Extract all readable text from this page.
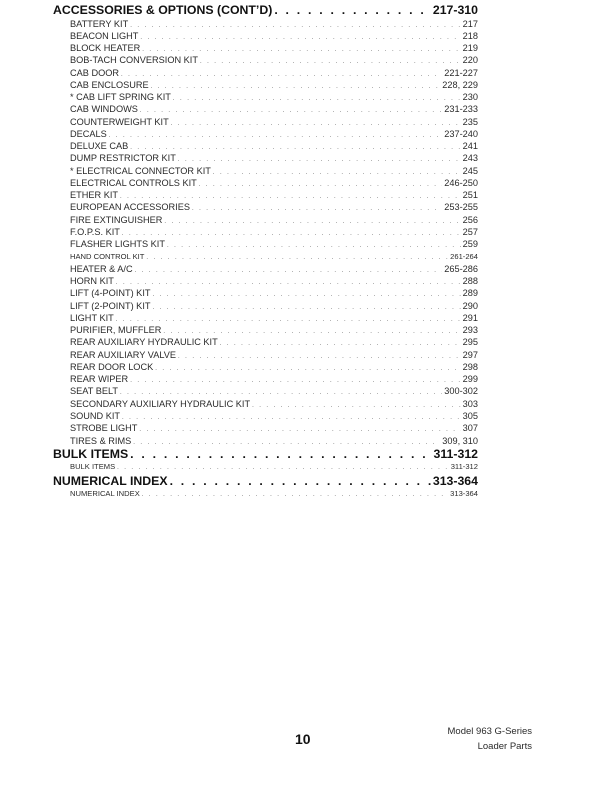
ACCESSORIES & OPTIONS (CONT’D) . . .	217-310
BATTERY KIT . . .	217
BEACON LIGHT . . .	218
BLOCK HEATER . . .	219
BOB-TACH CONVERSION KIT . . .	220
CAB DOOR . . .	221-227
CAB ENCLOSURE . . .	228, 229
* CAB LIFT SPRING KIT . . .	230
CAB WINDOWS . . .	231-233
COUNTERWEIGHT KIT . . .	235
DECALS . . .	237-240
DELUXE CAB . . .	241
DUMP RESTRICTOR KIT . . .	243
* ELECTRICAL CONNECTOR KIT . . .	245
ELECTRICAL CONTROLS KIT . . .	246-250
ETHER KIT . . .	251
EUROPEAN ACCESSORIES . . .	253-255
FIRE EXTINGUISHER . . .	256
F.O.P.S. KIT . . .	257
FLASHER LIGHTS KIT . . .	259
HAND CONTROL KIT . . .	261-264
HEATER & A/C . . .	265-286
HORN KIT . . .	288
LIFT (4-POINT) KIT . . .	289
LIFT (2-POINT) KIT . . .	290
LIGHT KIT . . .	291
PURIFIER, MUFFLER . . .	293
REAR AUXILIARY HYDRAULIC KIT . . .	295
REAR AUXILIARY VALVE . . .	297
REAR DOOR LOCK . . .	298
REAR WIPER . . .	299
SEAT BELT . . .	300-302
SECONDARY AUXILIARY HYDRAULIC KIT . . .	303
SOUND KIT . . .	305
STROBE LIGHT . . .	307
TIRES & RIMS . . .	309, 310
BULK ITEMS . . .	311-312
BULK ITEMS . . .	311-312
NUMERICAL INDEX . . .	313-364
NUMERICAL INDEX . . .	313-364
10	Model 963 G-Series
Loader Parts
